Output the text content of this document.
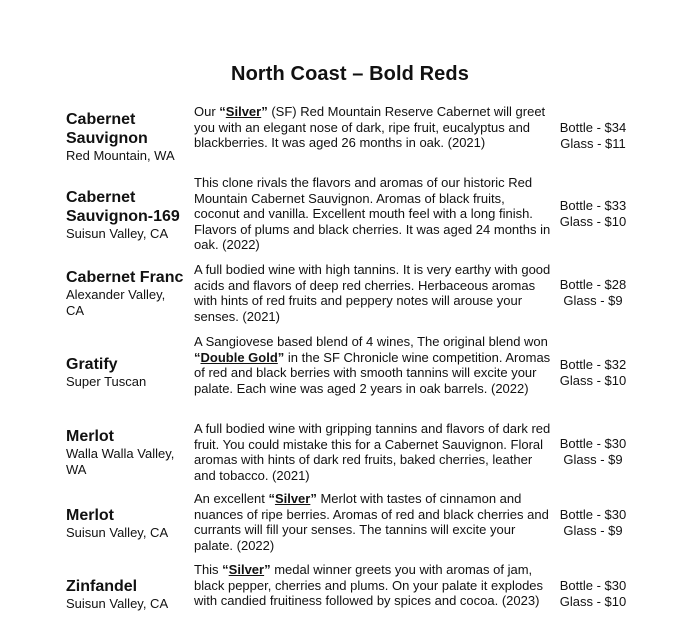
North Coast – Bold Reds
Cabernet
Sauvignon
Red Mountain, WA
Our “Silver” (SF) Red Mountain Reserve Cabernet will greet you with an elegant nose of dark, ripe fruit, eucalyptus and blackberries. It was aged 26 months in oak. (2021)
Bottle - $34
Glass - $11
Cabernet
Sauvignon-169
Suisun Valley, CA
This clone rivals the flavors and aromas of our historic Red Mountain Cabernet Sauvignon. Aromas of black fruits, coconut and vanilla. Excellent mouth feel with a long finish. Flavors of plums and black cherries. It was aged 24 months in oak. (2022)
Bottle - $33
Glass - $10
Cabernet Franc
Alexander Valley,
CA
A full bodied wine with high tannins. It is very earthy with good acids and flavors of deep red cherries. Herbaceous aromas with hints of red fruits and peppery notes will arouse your senses. (2021)
Bottle - $28
Glass - $9
Gratify
Super Tuscan
A Sangiovese based blend of 4 wines, The original blend won “Double Gold” in the SF Chronicle wine competition. Aromas of red and black berries with smooth tannins will excite your palate. Each wine was aged 2 years in oak barrels. (2022)
Bottle - $32
Glass - $10
Merlot
Walla Walla Valley,
WA
A full bodied wine with gripping tannins and flavors of dark red fruit. You could mistake this for a Cabernet Sauvignon. Floral aromas with hints of dark red fruits, baked cherries, leather and tobacco. (2021)
Bottle - $30
Glass - $9
Merlot
Suisun Valley, CA
An excellent “Silver” Merlot with tastes of cinnamon and nuances of ripe berries. Aromas of red and black cherries and currants will fill your senses. The tannins will excite your palate. (2022)
Bottle - $30
Glass - $9
Zinfandel
Suisun Valley, CA
This “Silver” medal winner greets you with aromas of jam, black pepper, cherries and plums. On your palate it explodes with candied fruitiness followed by spices and cocoa. (2023)
Bottle - $30
Glass - $10
